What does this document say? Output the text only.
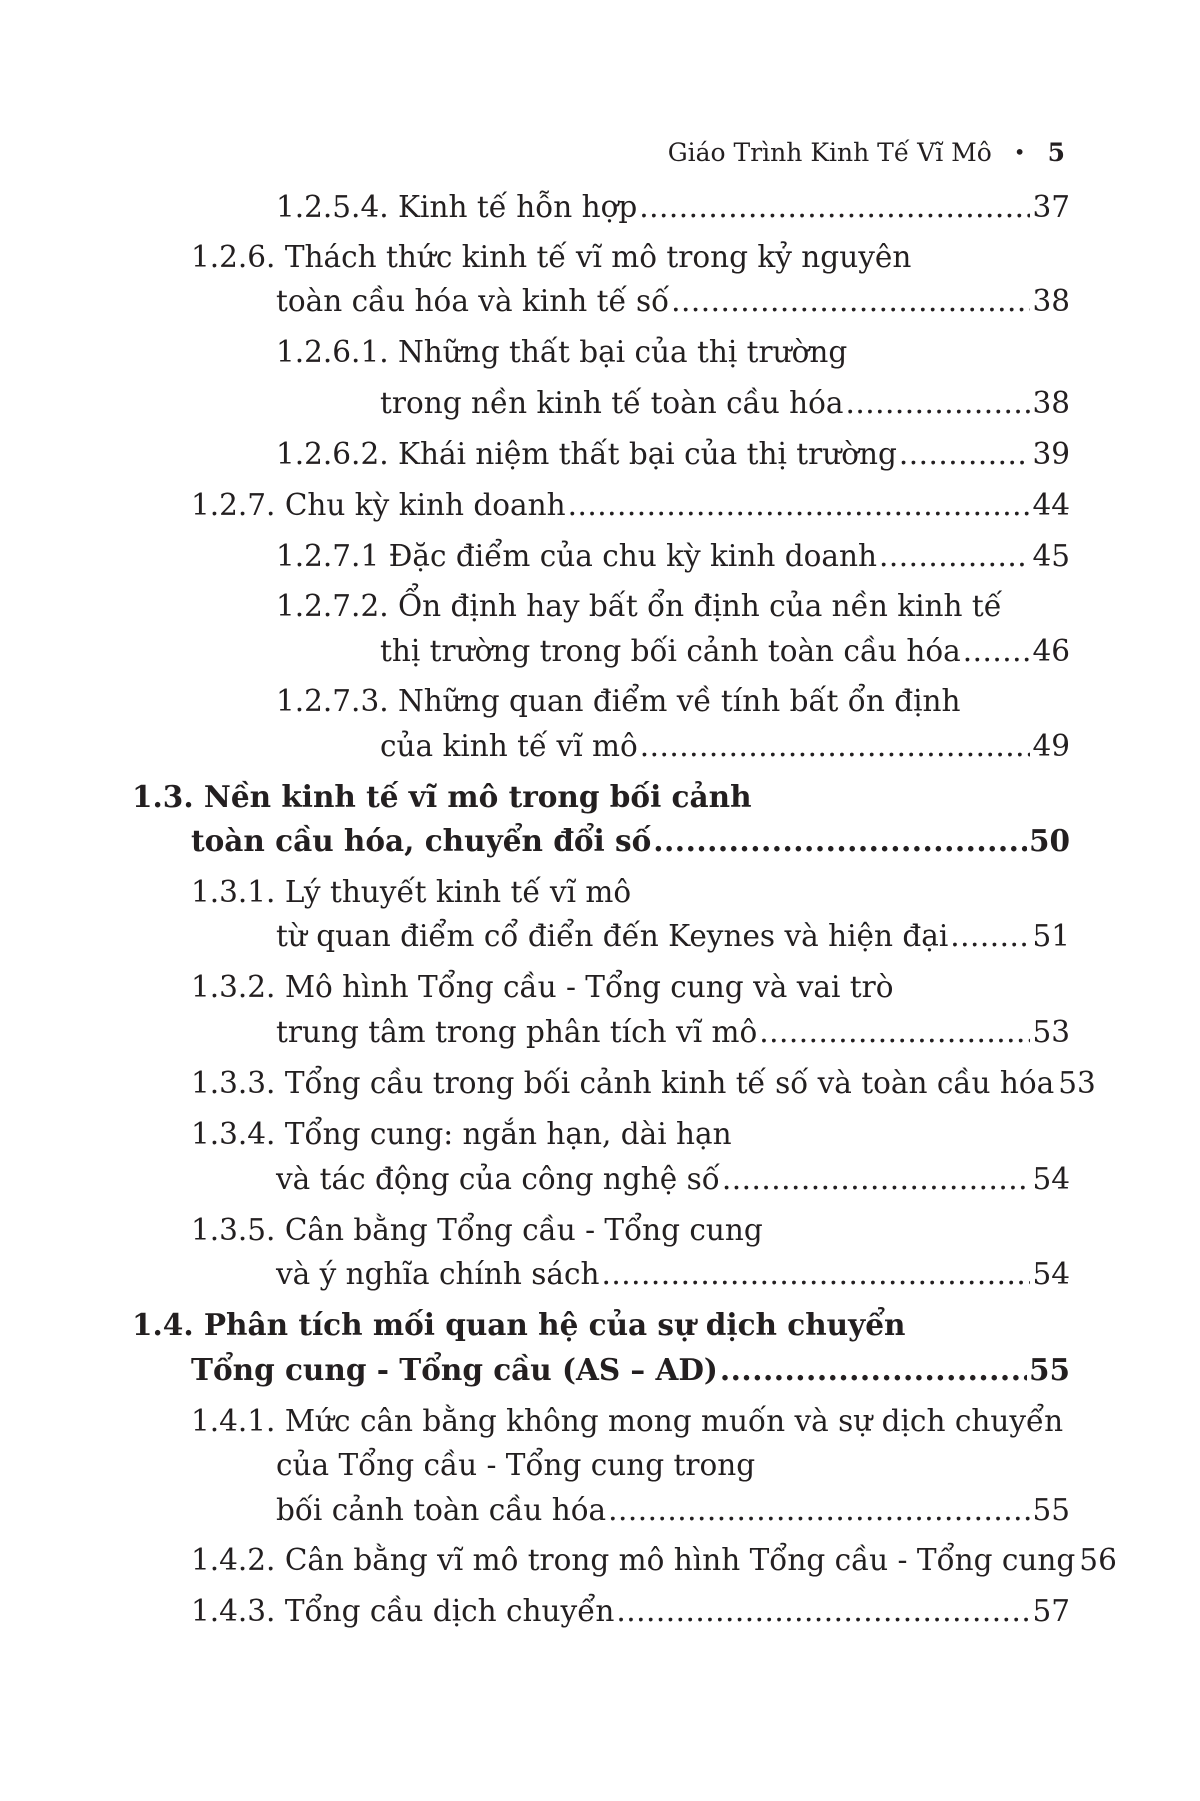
Giáo Trình Kinh Tế Vĩ Mô • 5
1.2.5.4. Kinh tế hỗn hợp .....	37
1.2.6. Thách thức kinh tế vĩ mô trong kỷ nguyên
toàn cầu hóa và kinh tế số .....	38
1.2.6.1. Những thất bại của thị trường
trong nền kinh tế toàn cầu hóa .....	38
1.2.6.2. Khái niệm thất bại của thị trường .....	39
1.2.7. Chu kỳ kinh doanh .....	44
1.2.7.1 Đặc điểm của chu kỳ kinh doanh .....	45
1.2.7.2. Ổn định hay bất ổn định của nền kinh tế
thị trường trong bối cảnh toàn cầu hóa ..... 46
1.2.7.3. Những quan điểm về tính bất ổn định
của kinh tế vĩ mô .....	49
1.3. Nền kinh tế vĩ mô trong bối cảnh
toàn cầu hóa, chuyển đổi số .....	50
1.3.1. Lý thuyết kinh tế vĩ mô
từ quan điểm cổ điển đến Keynes và hiện đại .....	51
1.3.2. Mô hình Tổng cầu - Tổng cung và vai trò
trung tâm trong phân tích vĩ mô .....	53
1.3.3. Tổng cầu trong bối cảnh kinh tế số và toàn cầu hóa 53
1.3.4. Tổng cung: ngắn hạn, dài hạn
và tác động của công nghệ số .....	54
1.3.5. Cân bằng Tổng cầu - Tổng cung
và ý nghĩa chính sách .....	54
1.4. Phân tích mối quan hệ của sự dịch chuyển
Tổng cung - Tổng cầu (AS – AD) .....	55
1.4.1. Mức cân bằng không mong muốn và sự dịch chuyển
của Tổng cầu - Tổng cung trong
bối cảnh toàn cầu hóa .....	55
1.4.2. Cân bằng vĩ mô trong mô hình Tổng cầu - Tổng cung 56
1.4.3. Tổng cầu dịch chuyển .....	57
